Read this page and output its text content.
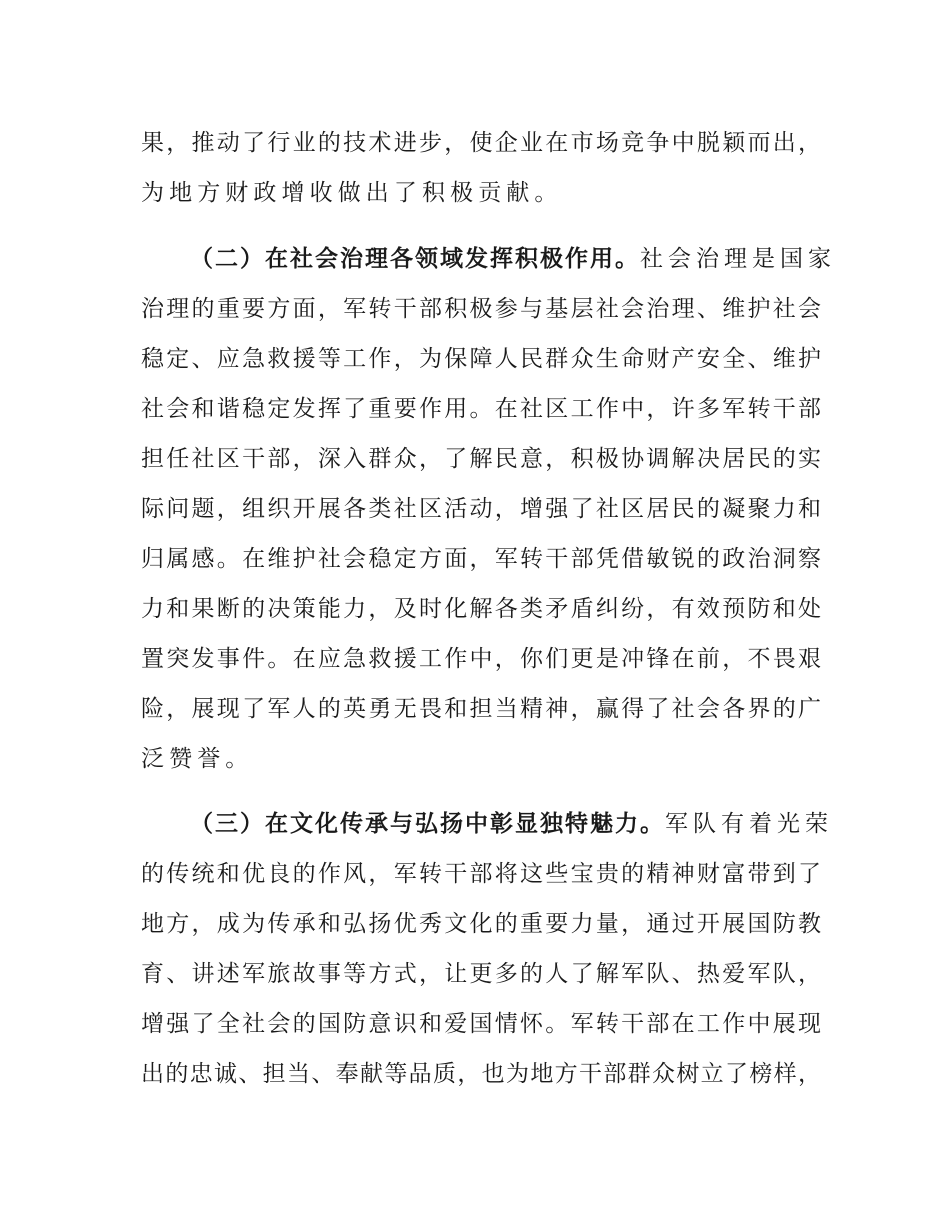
果，推动了行业的技术进步，使企业在市场竞争中脱颖而出，
为地方财政增收做出了积极贡献。
（二）在社会治理各领域发挥积极作用。社会治理是国家
治理的重要方面，军转干部积极参与基层社会治理、维护社会
稳定、应急救援等工作，为保障人民群众生命财产安全、维护
社会和谐稳定发挥了重要作用。在社区工作中，许多军转干部
担任社区干部，深入群众，了解民意，积极协调解决居民的实
际问题，组织开展各类社区活动，增强了社区居民的凝聚力和
归属感。在维护社会稳定方面，军转干部凭借敏锐的政治洞察
力和果断的决策能力，及时化解各类矛盾纠纷，有效预防和处
置突发事件。在应急救援工作中，你们更是冲锋在前，不畏艰
险，展现了军人的英勇无畏和担当精神，赢得了社会各界的广
泛赞誉。
（三）在文化传承与弘扬中彰显独特魅力。军队有着光荣
的传统和优良的作风，军转干部将这些宝贵的精神财富带到了
地方，成为传承和弘扬优秀文化的重要力量，通过开展国防教
育、讲述军旅故事等方式，让更多的人了解军队、热爱军队，
增强了全社会的国防意识和爱国情怀。军转干部在工作中展现
出的忠诚、担当、奉献等品质，也为地方干部群众树立了榜样，
